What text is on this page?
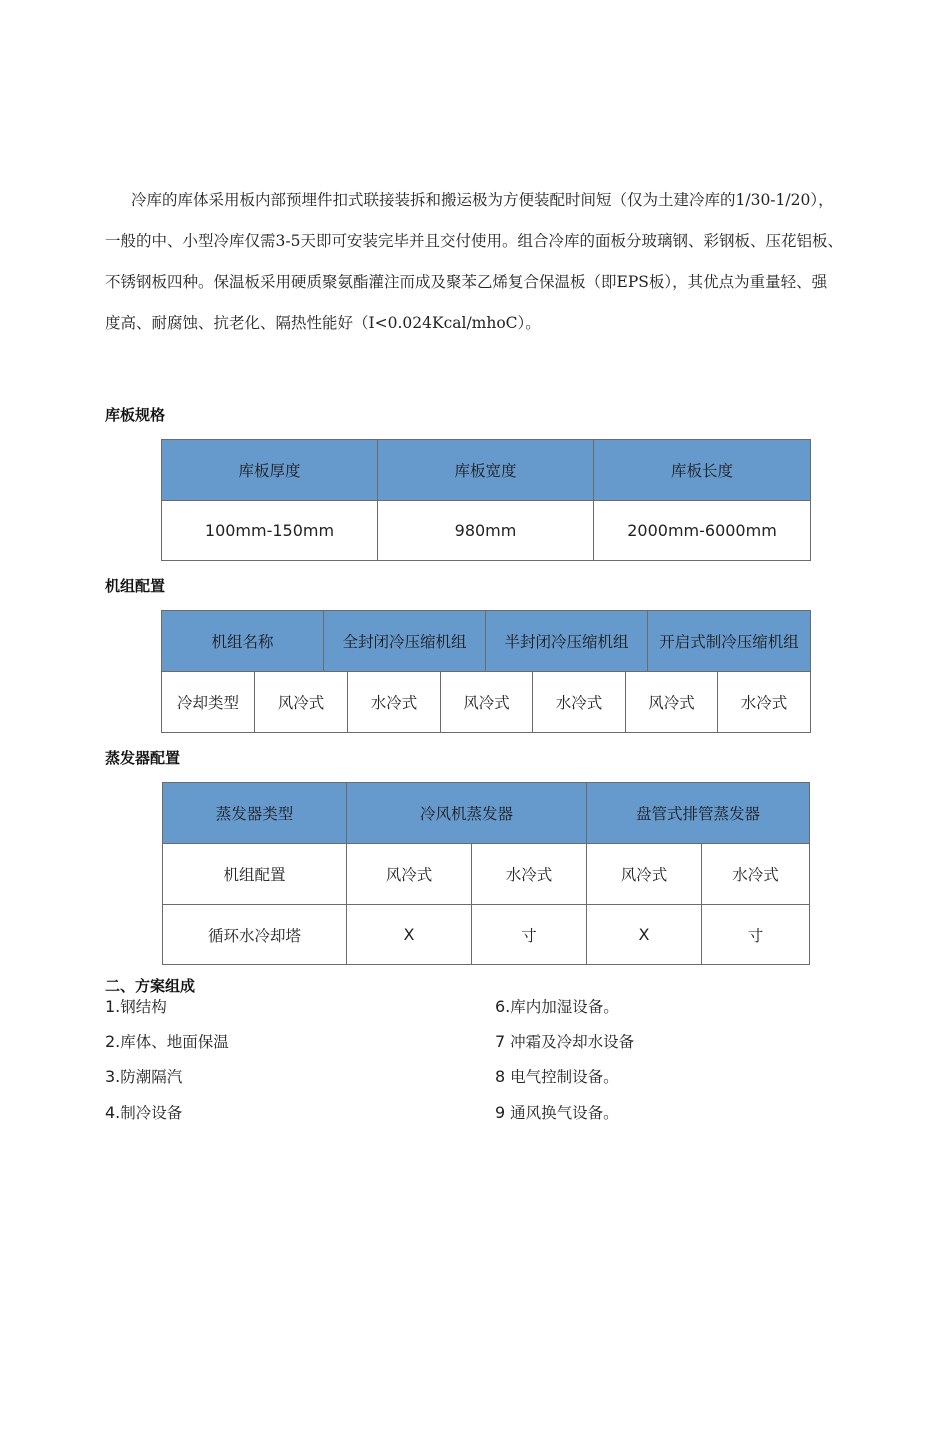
冷库的库体采用板内部预埋件扣式联接装拆和搬运极为方便装配时间短（仅为土建冷库的1/30-1/20），
一般的中、小型冷库仅需3-5天即可安装完毕并且交付使用。组合冷库的面板分玻璃钢、彩钢板、压花铝板、
不锈钢板四种。保温板采用硬质聚氨酯灌注而成及聚苯乙烯复合保温板（即EPS板），其优点为重量轻、强
度高、耐腐蚀、抗老化、隔热性能好（I<0.024Kcal/mhoC）。
库板规格
库板厚度	库板宽度	库板长度
100mm-150mm	980mm	2000mm-6000mm
机组配置
机组名称	全封闭冷压缩机组	半封闭冷压缩机组	开启式制冷压缩机组
冷却类型	风冷式	水冷式	风冷式	水冷式	风冷式	水冷式
蒸发器配置
蒸发器类型	冷风机蒸发器		盘管式排管蒸发器	
机组配置	风冷式	水冷式	风冷式	水冷式
循环水冷却塔	X	寸	X	寸
二、方案组成
1.钢结构
2.库体、地面保温
3.防潮隔汽
4.制冷设备
6.库内加湿设备。
7 冲霜及冷却水设备
8 电气控制设备。
9 通风换气设备。
